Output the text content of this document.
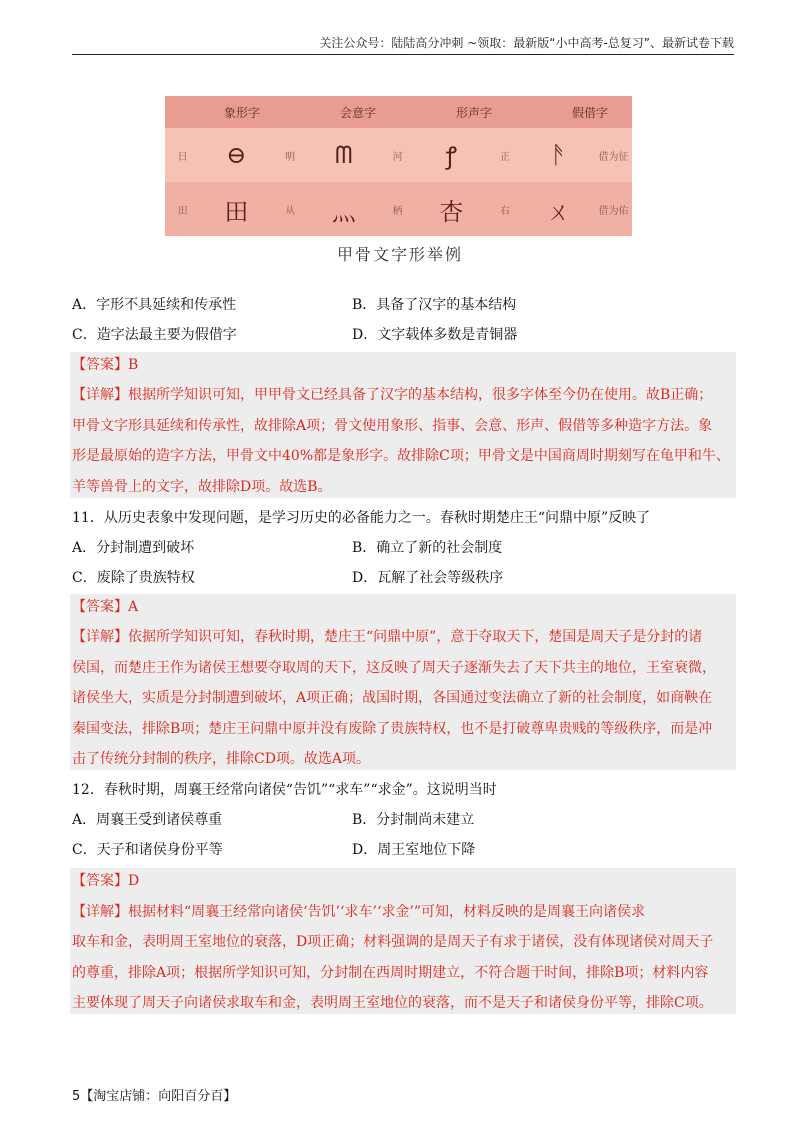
关注公众号：陆陆高分冲刺 ~领取：最新版“小中高考-总复习”、最新试卷下载
象形字	会意字	形声字	假借字
日	⊖	明	ᗰ	河	ꝭ	正	ᚫ	借为征
田	田	从	灬	柄	杏	右	ㄨ	借为佑
甲骨文字形举例
A．字形不具延续和传承性	B．具备了汉字的基本结构
C．造字法最主要为假借字	D．文字载体多数是青铜器
【答案】B
【详解】根据所学知识可知，甲甲骨文已经具备了汉字的基本结构，很多字体至今仍在使用。故B正确；
甲骨文字形具延续和传承性，故排除A项；骨文使用象形、指事、会意、形声、假借等多种造字方法。象
形是最原始的造字方法，甲骨文中40%都是象形字。故排除C项；甲骨文是中国商周时期刻写在龟甲和牛、
羊等兽骨上的文字，故排除D项。故选B。
11．从历史表象中发现问题，是学习历史的必备能力之一。春秋时期楚庄王“问鼎中原”反映了
A．分封制遭到破坏	B．确立了新的社会制度
C．废除了贵族特权	D．瓦解了社会等级秩序
【答案】A
【详解】依据所学知识可知，春秋时期，楚庄王“问鼎中原”，意于夺取天下，楚国是周天子是分封的诸
侯国，而楚庄王作为诸侯王想要夺取周的天下，这反映了周天子逐渐失去了天下共主的地位，王室衰微，
诸侯坐大，实质是分封制遭到破坏，A项正确；战国时期，各国通过变法确立了新的社会制度，如商鞅在
秦国变法，排除B项；楚庄王问鼎中原并没有废除了贵族特权，也不是打破尊卑贵贱的等级秩序，而是冲
击了传统分封制的秩序，排除CD项。故选A项。
12．春秋时期，周襄王经常向诸侯“告饥”“求车”“求金”。这说明当时
A．周襄王受到诸侯尊重	B．分封制尚未建立
C．天子和诸侯身份平等	D．周王室地位下降
【答案】D
【详解】根据材料“周襄王经常向诸侯‘告饥’‘求车’‘求金’”可知，材料反映的是周襄王向诸侯求
取车和金，表明周王室地位的衰落，D项正确；材料强调的是周天子有求于诸侯，没有体现诸侯对周天子
的尊重，排除A项；根据所学知识可知，分封制在西周时期建立，不符合题干时间，排除B项；材料内容
主要体现了周天子向诸侯求取车和金，表明周王室地位的衰落，而不是天子和诸侯身份平等，排除C项。
5【淘宝店铺：向阳百分百】
